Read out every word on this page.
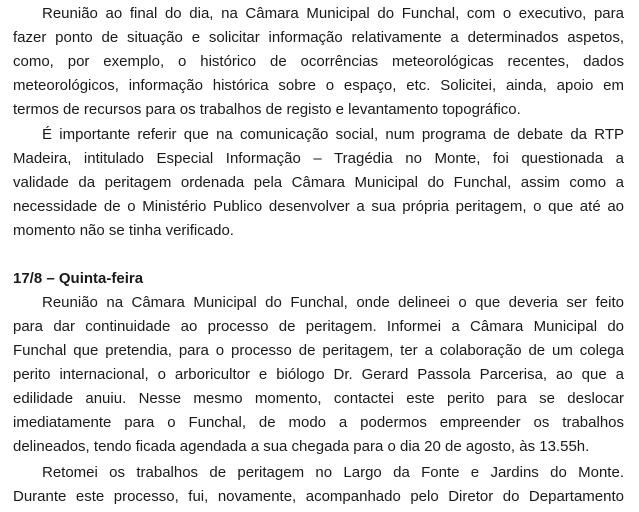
Reunião ao final do dia, na Câmara Municipal do Funchal, com o executivo, para
fazer ponto de situação e solicitar informação relativamente a determinados aspetos,
como, por exemplo, o histórico de ocorrências meteorológicas recentes, dados
meteorológicos, informação histórica sobre o espaço, etc. Solicitei, ainda, apoio em
termos de recursos para os trabalhos de registo e levantamento topográfico.
É importante referir que na comunicação social, num programa de debate da RTP
Madeira, intitulado Especial Informação – Tragédia no Monte, foi questionada a
validade da peritagem ordenada pela Câmara Municipal do Funchal, assim como a
necessidade de o Ministério Publico desenvolver a sua própria peritagem, o que até ao
momento não se tinha verificado.
17/8 – Quinta-feira
Reunião na Câmara Municipal do Funchal, onde delineei o que deveria ser feito
para dar continuidade ao processo de peritagem. Informei a Câmara Municipal do
Funchal que pretendia, para o processo de peritagem, ter a colaboração de um colega
perito internacional, o arboricultor e biólogo Dr. Gerard Passola Parcerisa, ao que a
edilidade anuiu. Nesse mesmo momento, contactei este perito para se deslocar
imediatamente para o Funchal, de modo a podermos empreender os trabalhos
delineados, tendo ficada agendada a sua chegada para o dia 20 de agosto, às 13.55h.
Retomei os trabalhos de peritagem no Largo da Fonte e Jardins do Monte.
Durante este processo, fui, novamente, acompanhado pelo Diretor do Departamento
